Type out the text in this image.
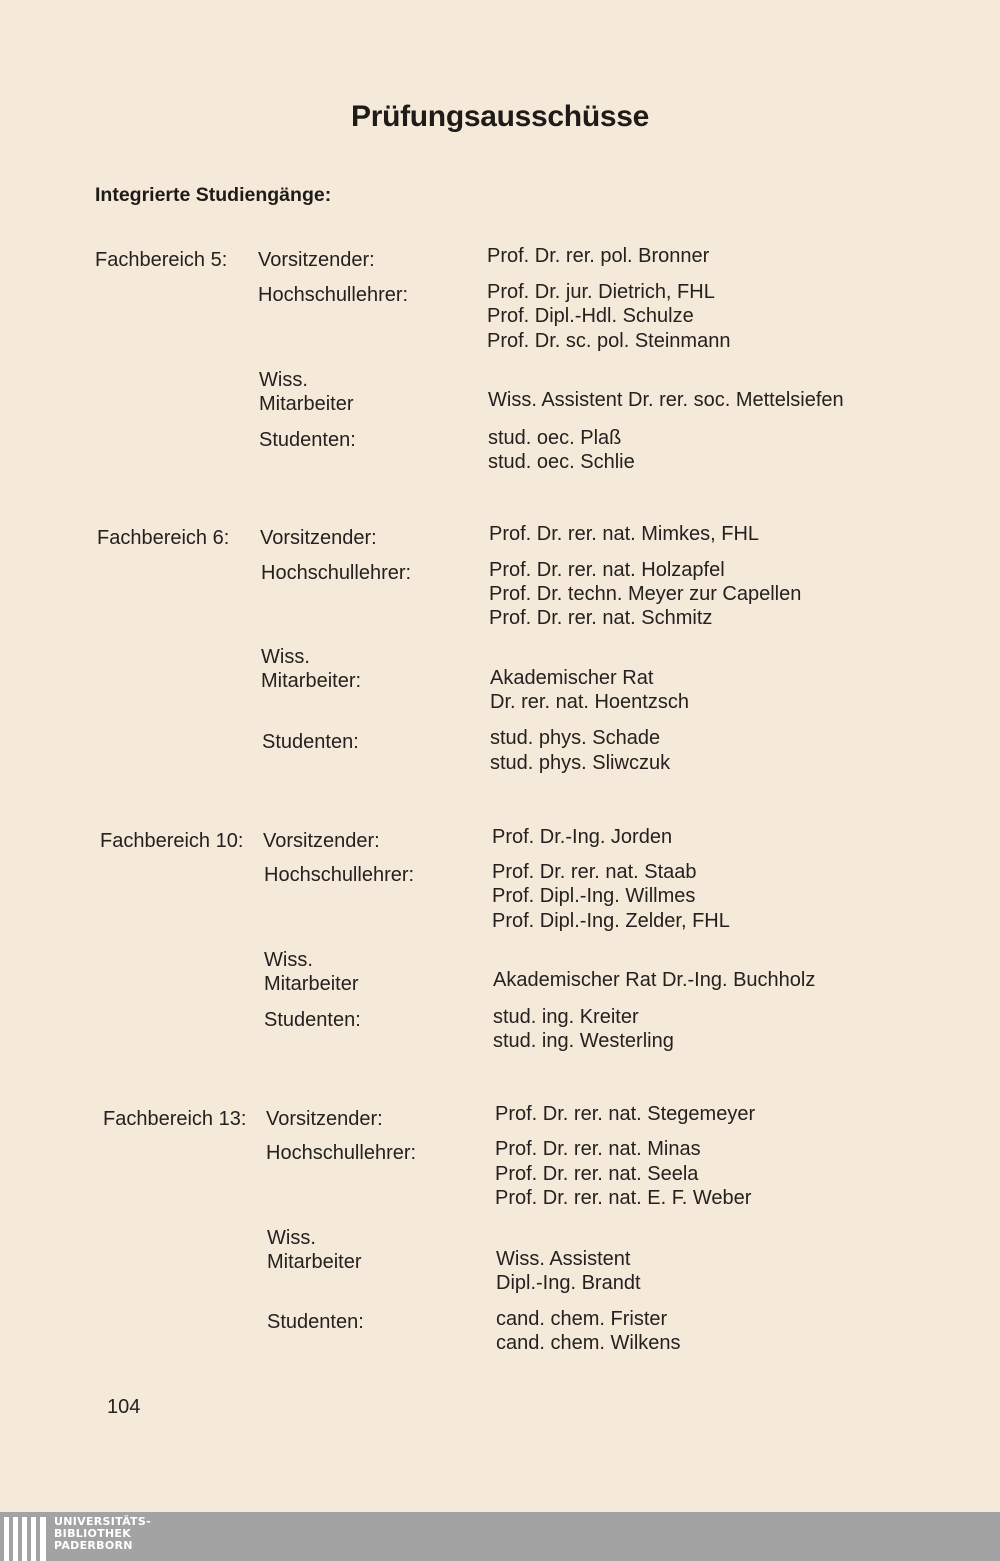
Prüfungsausschüsse
Integrierte Studiengänge:
Fachbereich 5: Vorsitzender:	Prof. Dr. rer. pol. Bronner
Hochschullehrer:	Prof. Dr. jur. Dietrich, FHL
Prof. Dipl.-Hdl. Schulze
Prof. Dr. sc. pol. Steinmann
Wiss.
Mitarbeiter	Wiss. Assistent Dr. rer. soc. Mettelsiefen
Studenten:	stud. oec. Plaß
stud. oec. Schlie
Fachbereich 6: Vorsitzender:	Prof. Dr. rer. nat. Mimkes, FHL
Hochschullehrer:	Prof. Dr. rer. nat. Holzapfel
Prof. Dr. techn. Meyer zur Capellen
Prof. Dr. rer. nat. Schmitz
Wiss.
Mitarbeiter:	Akademischer Rat
Dr. rer. nat. Hoentzsch
Studenten:	stud. phys. Schade
stud. phys. Sliwczuk
Fachbereich 10: Vorsitzender:	Prof. Dr.-Ing. Jorden
Hochschullehrer:	Prof. Dr. rer. nat. Staab
Prof. Dipl.-Ing. Willmes
Prof. Dipl.-Ing. Zelder, FHL
Wiss.
Mitarbeiter	Akademischer Rat Dr.-Ing. Buchholz
Studenten:	stud. ing. Kreiter
stud. ing. Westerling
Fachbereich 13: Vorsitzender:	Prof. Dr. rer. nat. Stegemeyer
Hochschullehrer:	Prof. Dr. rer. nat. Minas
Prof. Dr. rer. nat. Seela
Prof. Dr. rer. nat. E. F. Weber
Wiss.
Mitarbeiter	Wiss. Assistent
Dipl.-Ing. Brandt
Studenten:	cand. chem. Frister
cand. chem. Wilkens
104
UNIVERSITÄTS-
BIBLIOTHEK
PADERBORN
